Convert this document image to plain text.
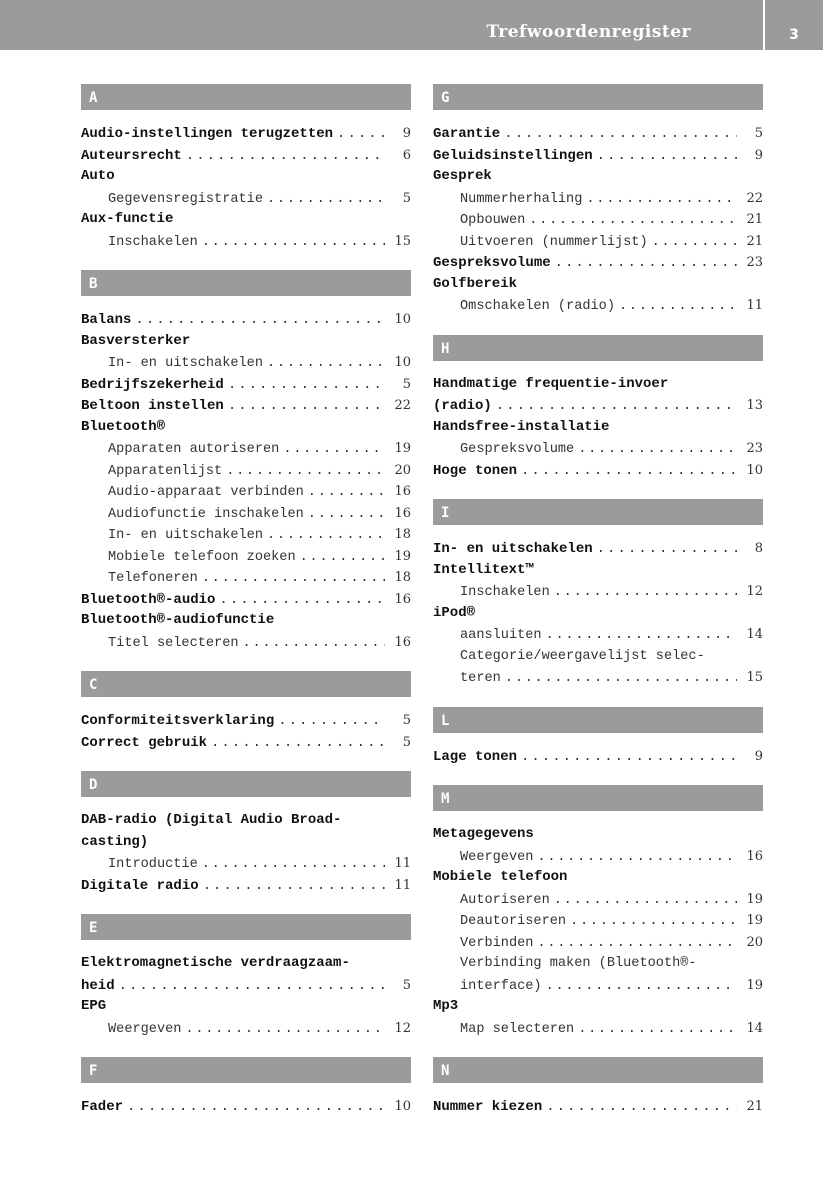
Trefwoordenregister	3
A
Audio-instellingen terugzetten . . .	9
Auteursrecht . . .	6
Auto
Gegevensregistratie . . .	5
Aux-functie
Inschakelen . . .	15
B
Balans . . .	10
Basversterker
In- en uitschakelen . . .	10
Bedrijfszekerheid . . .	5
Beltoon instellen . . .	22
Bluetooth®
Apparaten autoriseren . . .	19
Apparatenlijst . . .	20
Audio-apparaat verbinden . . .	16
Audiofunctie inschakelen . . .	16
In- en uitschakelen . . .	18
Mobiele telefoon zoeken . . .	19
Telefoneren . . .	18
Bluetooth®-audio . . .	16
Bluetooth®-audiofunctie
Titel selecteren . . .	16
C
Conformiteitsverklaring . . .	5
Correct gebruik . . .	5
D
DAB-radio (Digital Audio Broad-
casting)
Introductie . . .	11
Digitale radio . . .	11
E
Elektromagnetische verdraagzaam-
heid . . .	5
EPG
Weergeven . . .	12
F
Fader . . .	10
G
Garantie . . .	5
Geluidsinstellingen . . .	9
Gesprek
Nummerherhaling . . .	22
Opbouwen . . .	21
Uitvoeren (nummerlijst) . . .	21
Gespreksvolume . . .	23
Golfbereik
Omschakelen (radio) . . .	11
H
Handmatige frequentie-invoer
(radio) . . .	13
Handsfree-installatie
Gespreksvolume . . .	23
Hoge tonen . . .	10
I
In- en uitschakelen . . .	8
Intellitext™
Inschakelen . . .	12
iPod®
aansluiten . . .	14
Categorie/weergavelijst selec-
teren . . .	15
L
Lage tonen . . .	9
M
Metagegevens
Weergeven . . .	16
Mobiele telefoon
Autoriseren . . .	19
Deautoriseren . . .	19
Verbinden . . .	20
Verbinding maken (Bluetooth®-
interface) . . .	19
Mp3
Map selecteren . . .	14
N
Nummer kiezen . . .	21
